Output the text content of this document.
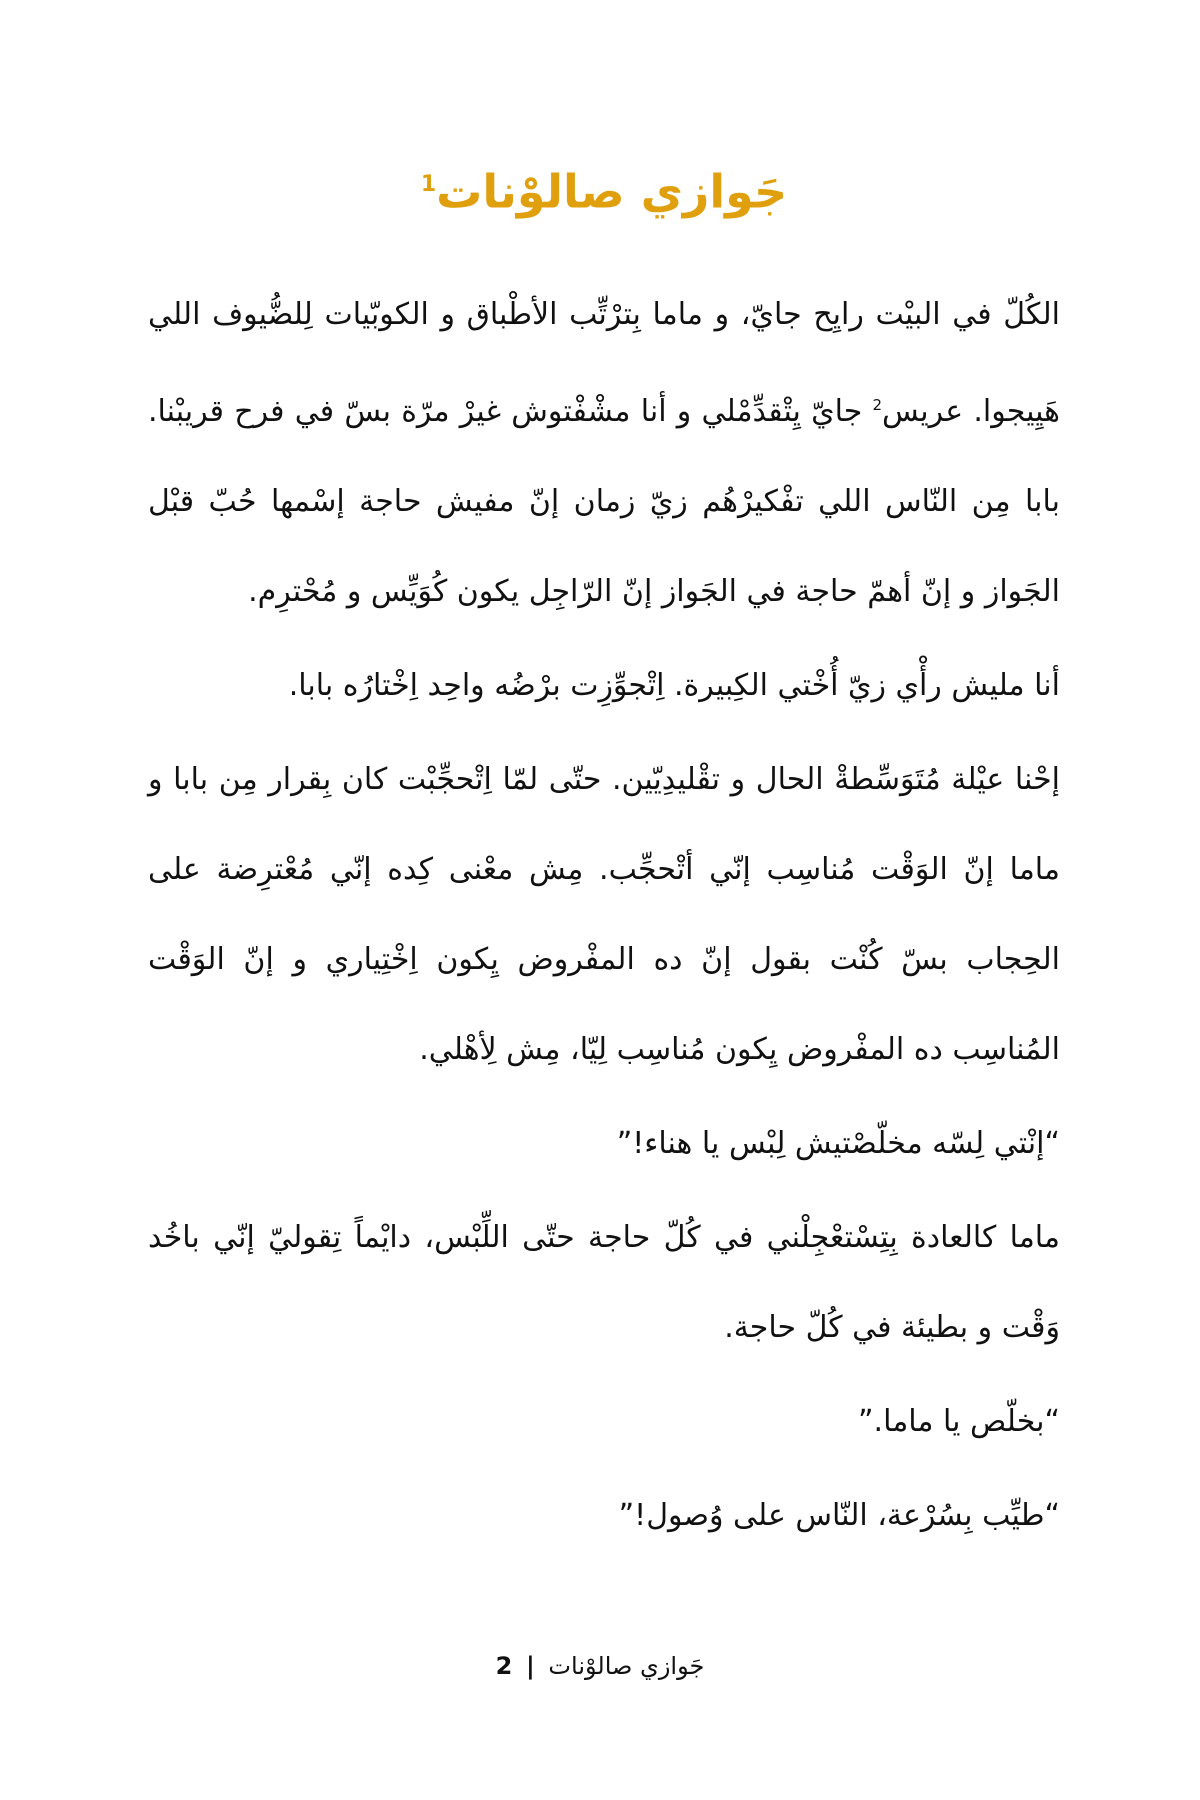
جَوازي صالوْنات$^1$

الكُلّ في البيْت رايِح جايّ، و ماما بِترْتِّب الأطْباق و الكوبّيات لِلضُّيوف اللي هَيِيجوا. عريس$^2$ جايّ يِتْقدِّمْلي و أنا مشْفْتوش غيرْ مرّة بسّ في فرح قريبْنا. بابا مِن النّاس اللي تفْكيرْهُم زيّ زمان إنّ مفيش حاجة إسْمها حُبّ قبْل الجَواز و إنّ أهمّ حاجة في الجَواز إنّ الرّاجِل يكون كُوَيِّس و مُحْترِم.

أنا مليش رأْي زيّ أُخْتي الكِبيرة. اِتْجوِّزِت برْضُه واحِد اِخْتارُه بابا.

إحْنا عيْلة مُتَوَسِّطةْ الحال و تقْليدِيّين. حتّى لمّا اِتْحجِّبْت كان بِقرار مِن بابا و ماما إنّ الوَقْت مُناسِب إنّي أتْحجِّب. مِش معْنى كِده إنّي مُعْترِضة على الحِجاب بسّ كُنْت بقول إنّ ده المفْروض يِكون اِخْتِياري و إنّ الوَقْت المُناسِب ده المفْروض يِكون مُناسِب لِيّا، مِش لِأهْلي.

“إنْتي لِسّه مخلّصْتيش لِبْس يا هناء!”

ماما كالعادة بِتِسْتعْجِلْني في كُلّ حاجة حتّى اللِّبْس، دايْماً تِقوليّ إنّي باخُد وَقْت و بطيئة في كُلّ حاجة.

“بخلّص يا ماما.”

“طيِّب بِسُرْعة، النّاس على وُصول!”

جَوازي صالوْنات | 2
